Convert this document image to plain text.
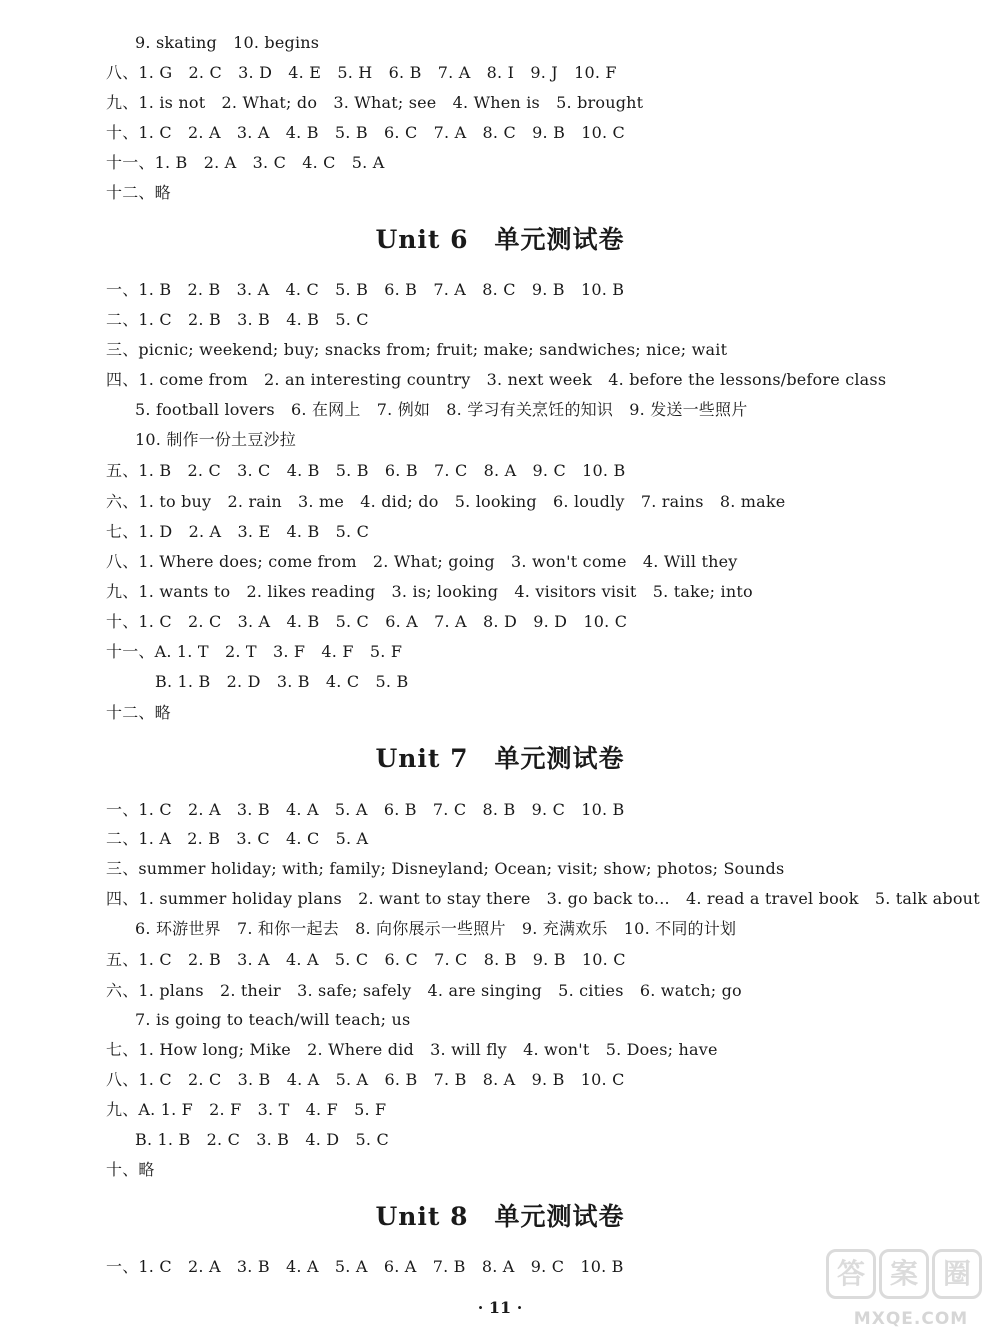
9. skating　10. begins
八、1. G　2. C　3. D　4. E　5. H　6. B　7. A　8. I　9. J　10. F
九、1. is not　2. What; do　3. What; see　4. When is　5. brought
十、1. C　2. A　3. A　4. B　5. B　6. C　7. A　8. C　9. B　10. C
十一、1. B　2. A　3. C　4. C　5. A
十二、略
Unit 6　单元测试卷
一、1. B　2. B　3. A　4. C　5. B　6. B　7. A　8. C　9. B　10. B
二、1. C　2. B　3. B　4. B　5. C
三、picnic; weekend; buy; snacks from; fruit; make; sandwiches; nice; wait
四、1. come from　2. an interesting country　3. next week　4. before the lessons/before class
5. football lovers　6. 在网上　7. 例如　8. 学习有关烹饪的知识　9. 发送一些照片
10. 制作一份土豆沙拉
五、1. B　2. C　3. C　4. B　5. B　6. B　7. C　8. A　9. C　10. B
六、1. to buy　2. rain　3. me　4. did; do　5. looking　6. loudly　7. rains　8. make
七、1. D　2. A　3. E　4. B　5. C
八、1. Where does; come from　2. What; going　3. won't come　4. Will they
九、1. wants to　2. likes reading　3. is; looking　4. visitors visit　5. take; into
十、1. C　2. C　3. A　4. B　5. C　6. A　7. A　8. D　9. D　10. C
十一、A. 1. T　2. T　3. F　4. F　5. F
B. 1. B　2. D　3. B　4. C　5. B
十二、略
Unit 7　单元测试卷
一、1. C　2. A　3. B　4. A　5. A　6. B　7. C　8. B　9. C　10. B
二、1. A　2. B　3. C　4. C　5. A
三、summer holiday; with; family; Disneyland; Ocean; visit; show; photos; Sounds
四、1. summer holiday plans　2. want to stay there　3. go back to...　4. read a travel book　5. talk about
6. 环游世界　7. 和你一起去　8. 向你展示一些照片　9. 充满欢乐　10. 不同的计划
五、1. C　2. B　3. A　4. A　5. C　6. C　7. C　8. B　9. B　10. C
六、1. plans　2. their　3. safe; safely　4. are singing　5. cities　6. watch; go
7. is going to teach/will teach; us
七、1. How long; Mike　2. Where did　3. will fly　4. won't　5. Does; have
八、1. C　2. C　3. B　4. A　5. A　6. B　7. B　8. A　9. B　10. C
九、A. 1. F　2. F　3. T　4. F　5. F
B. 1. B　2. C　3. B　4. D　5. C
十、略
Unit 8　单元测试卷
一、1. C　2. A　3. B　4. A　5. A　6. A　7. B　8. A　9. C　10. B
· 11 ·
答 案 圈
MXQE.COM
